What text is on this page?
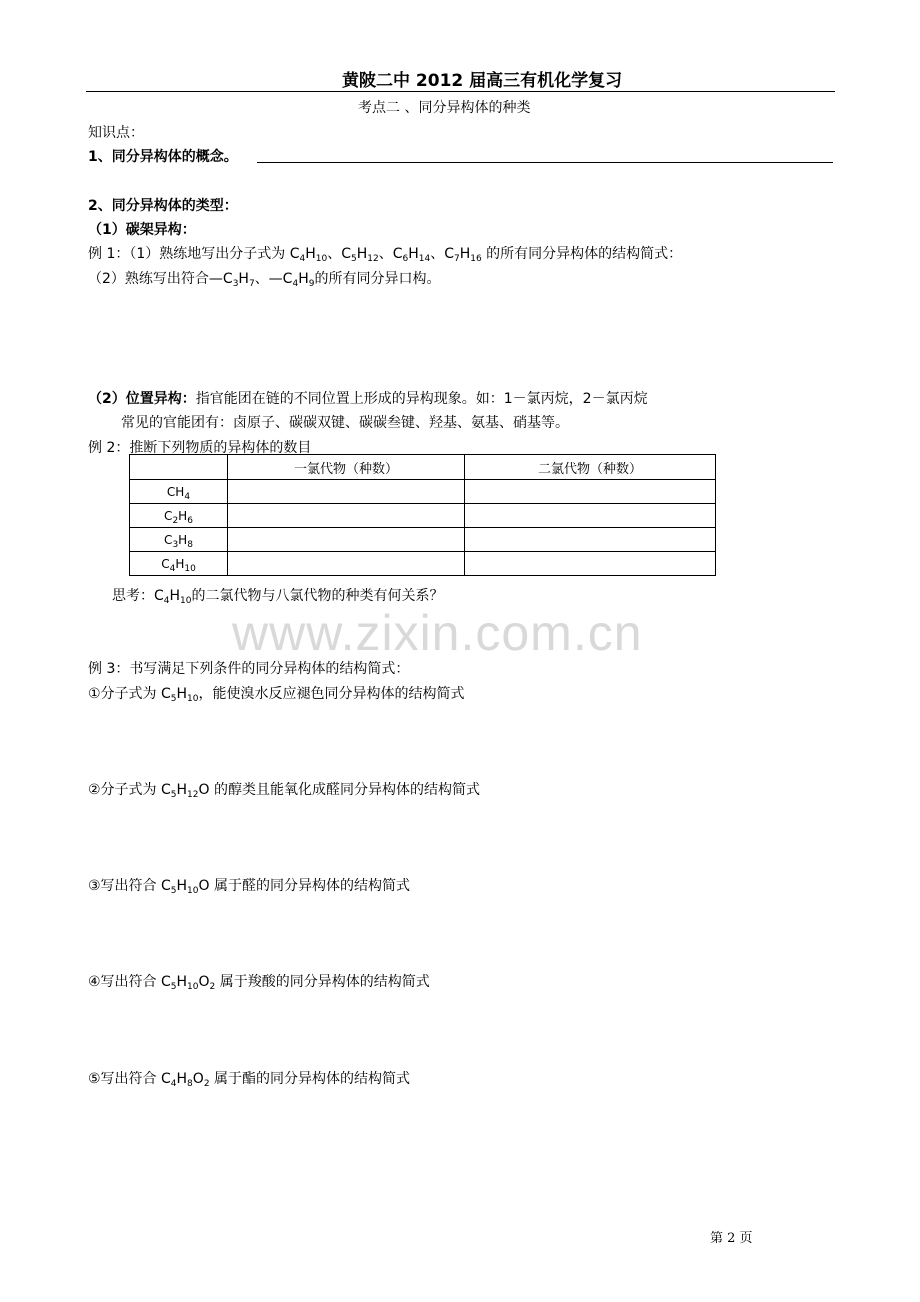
黄陂二中 2012 届高三有机化学复习
考点二 、同分异构体的种类
知识点：
1、同分异构体的概念。
2、同分异构体的类型：
（1）碳架异构：
例 1：（1）熟练地写出分子式为 $C_4H_{10}$、$C_5H_{12}$、$C_6H_{14}$、$C_7H_{16}$ 的所有同分异构体的结构简式：
（2）熟练写出符合$—C_3H_7$、$—C_4H_9$的所有同分异口构。
（2）位置异构：指官能团在链的不同位置上形成的异构现象。如：1－氯丙烷，2－氯丙烷
常见的官能团有：卤原子、碳碳双键、碳碳叁键、羟基、氨基、硝基等。
例 2：推断下列物质的异构体的数目
	一氯代物（种数）	二氯代物（种数）
$CH_4$		
$C_2H_6$		
$C_3H_8$		
$C_4H_{10}$		
思考：$C_4H_{10}$的二氯代物与八氯代物的种类有何关系？
www.zixin.com.cn
例 3：书写满足下列条件的同分异构体的结构简式：
①分子式为 $C_5H_{10}$，能使溴水反应褪色同分异构体的结构简式
②分子式为 $C_5H_{12}O$ 的醇类且能氧化成醛同分异构体的结构简式
③写出符合 $C_5H_{10}O$ 属于醛的同分异构体的结构简式
④写出符合 $C_5H_{10}O_2$ 属于羧酸的同分异构体的结构简式
⑤写出符合 $C_4H_8O_2$ 属于酯的同分异构体的结构简式
第 2 页
